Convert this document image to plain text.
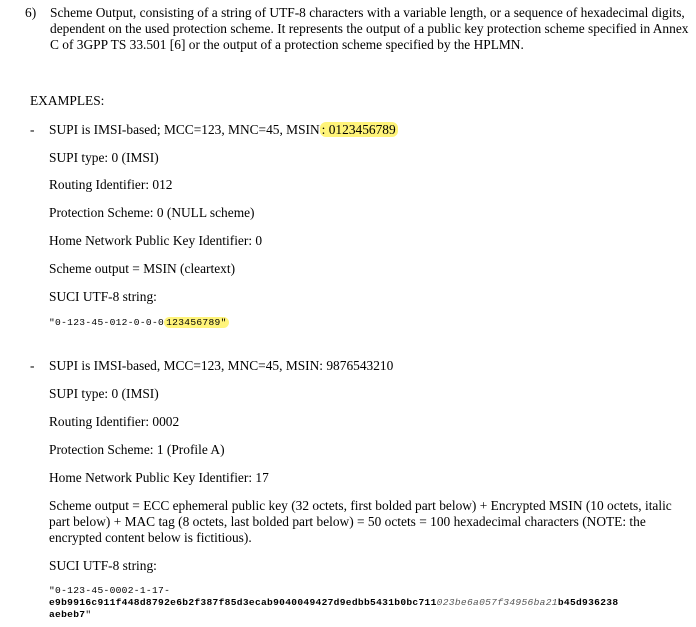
6) Scheme Output, consisting of a string of UTF-8 characters with a variable length, or a sequence of hexadecimal digits, dependent on the used protection scheme. It represents the output of a public key protection scheme specified in Annex C of 3GPP TS 33.501 [6] or the output of a protection scheme specified by the HPLMN.
EXAMPLES:
- SUPI is IMSI-based; MCC=123, MNC=45, MSIN : 0123456789
SUPI type: 0 (IMSI)
Routing Identifier: 012
Protection Scheme: 0 (NULL scheme)
Home Network Public Key Identifier: 0
Scheme output = MSIN (cleartext)
SUCI UTF-8 string:
"0-123-45-012-0-0-0 123456789"
- SUPI is IMSI-based, MCC=123, MNC=45, MSIN: 9876543210
SUPI type: 0 (IMSI)
Routing Identifier: 0002
Protection Scheme: 1 (Profile A)
Home Network Public Key Identifier: 17
Scheme output = ECC ephemeral public key (32 octets, first bolded part below) + Encrypted MSIN (10 octets, italic part below) + MAC tag (8 octets, last bolded part below) = 50 octets = 100 hexadecimal characters (NOTE: the encrypted content below is fictitious).
SUCI UTF-8 string:
"0-123-45-0002-1-17-
e9b9916c911f448d8792e6b2f387f85d3ecab9040049427d9edbb5431b0bc711023be6a057f34956ba21b45d936238
aebeb7"
